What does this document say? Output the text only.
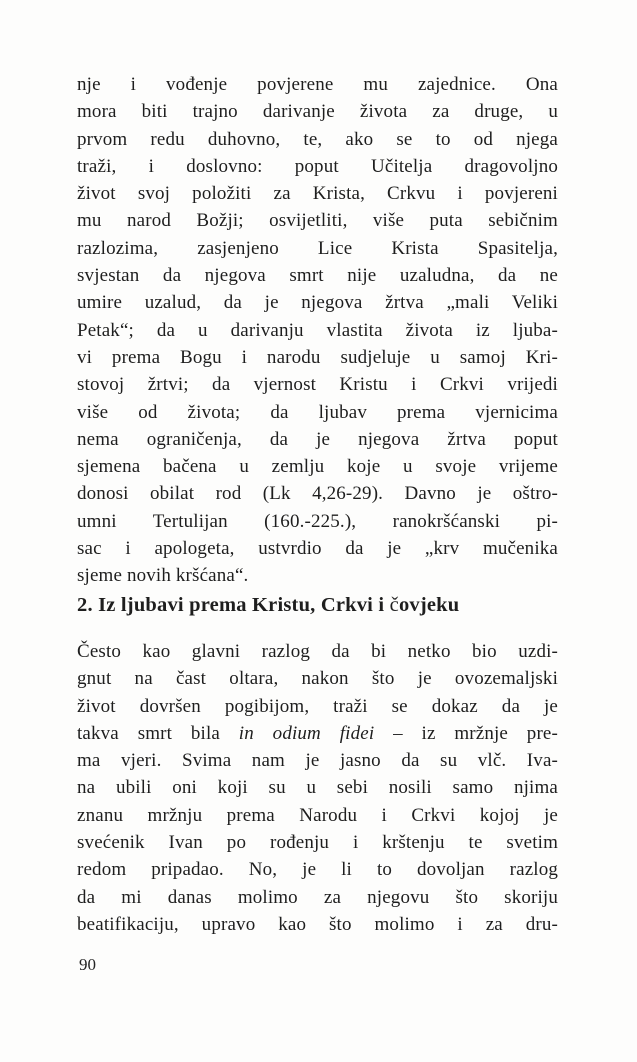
nje i vođenje povjerene mu zajednice. Ona
mora biti trajno darivanje života za druge, u
prvom redu duhovno, te, ako se to od njega
traži, i doslovno: poput Učitelja dragovoljno
život svoj položiti za Krista, Crkvu i povjereni
mu narod Božji; osvijetliti, više puta sebičnim
razlozima, zasjenjeno Lice Krista Spasitelja,
svjestan da njegova smrt nije uzaludna, da ne
umire uzalud, da je njegova žrtva „mali Veliki
Petak“; da u darivanju vlastita života iz ljuba-
vi prema Bogu i narodu sudjeluje u samoj Kri-
stovoj žrtvi; da vjernost Kristu i Crkvi vrijedi
više od života; da ljubav prema vjernicima
nema ograničenja, da je njegova žrtva poput
sjemena bačena u zemlju koje u svoje vrijeme
donosi obilat rod (Lk 4,26-29). Davno je oštro-
umni Tertulijan (160.-225.), ranokršćanski pi-
sac i apologeta, ustvrdio da je „krv mučenika
sjeme novih kršćana“.
2. Iz ljubavi prema Kristu, Crkvi i čovjeku
Često kao glavni razlog da bi netko bio uzdi-
gnut na čast oltara, nakon što je ovozemaljski
život dovršen pogibijom, traži se dokaz da je
takva smrt bila in odium fidei – iz mržnje pre-
ma vjeri. Svima nam je jasno da su vlč. Iva-
na ubili oni koji su u sebi nosili samo njima
znanu mržnju prema Narodu i Crkvi kojoj je
svećenik Ivan po rođenju i krštenju te svetim
redom pripadao. No, je li to dovoljan razlog
da mi danas molimo za njegovu što skoriju
beatifikaciju, upravo kao što molimo i za dru-
90
